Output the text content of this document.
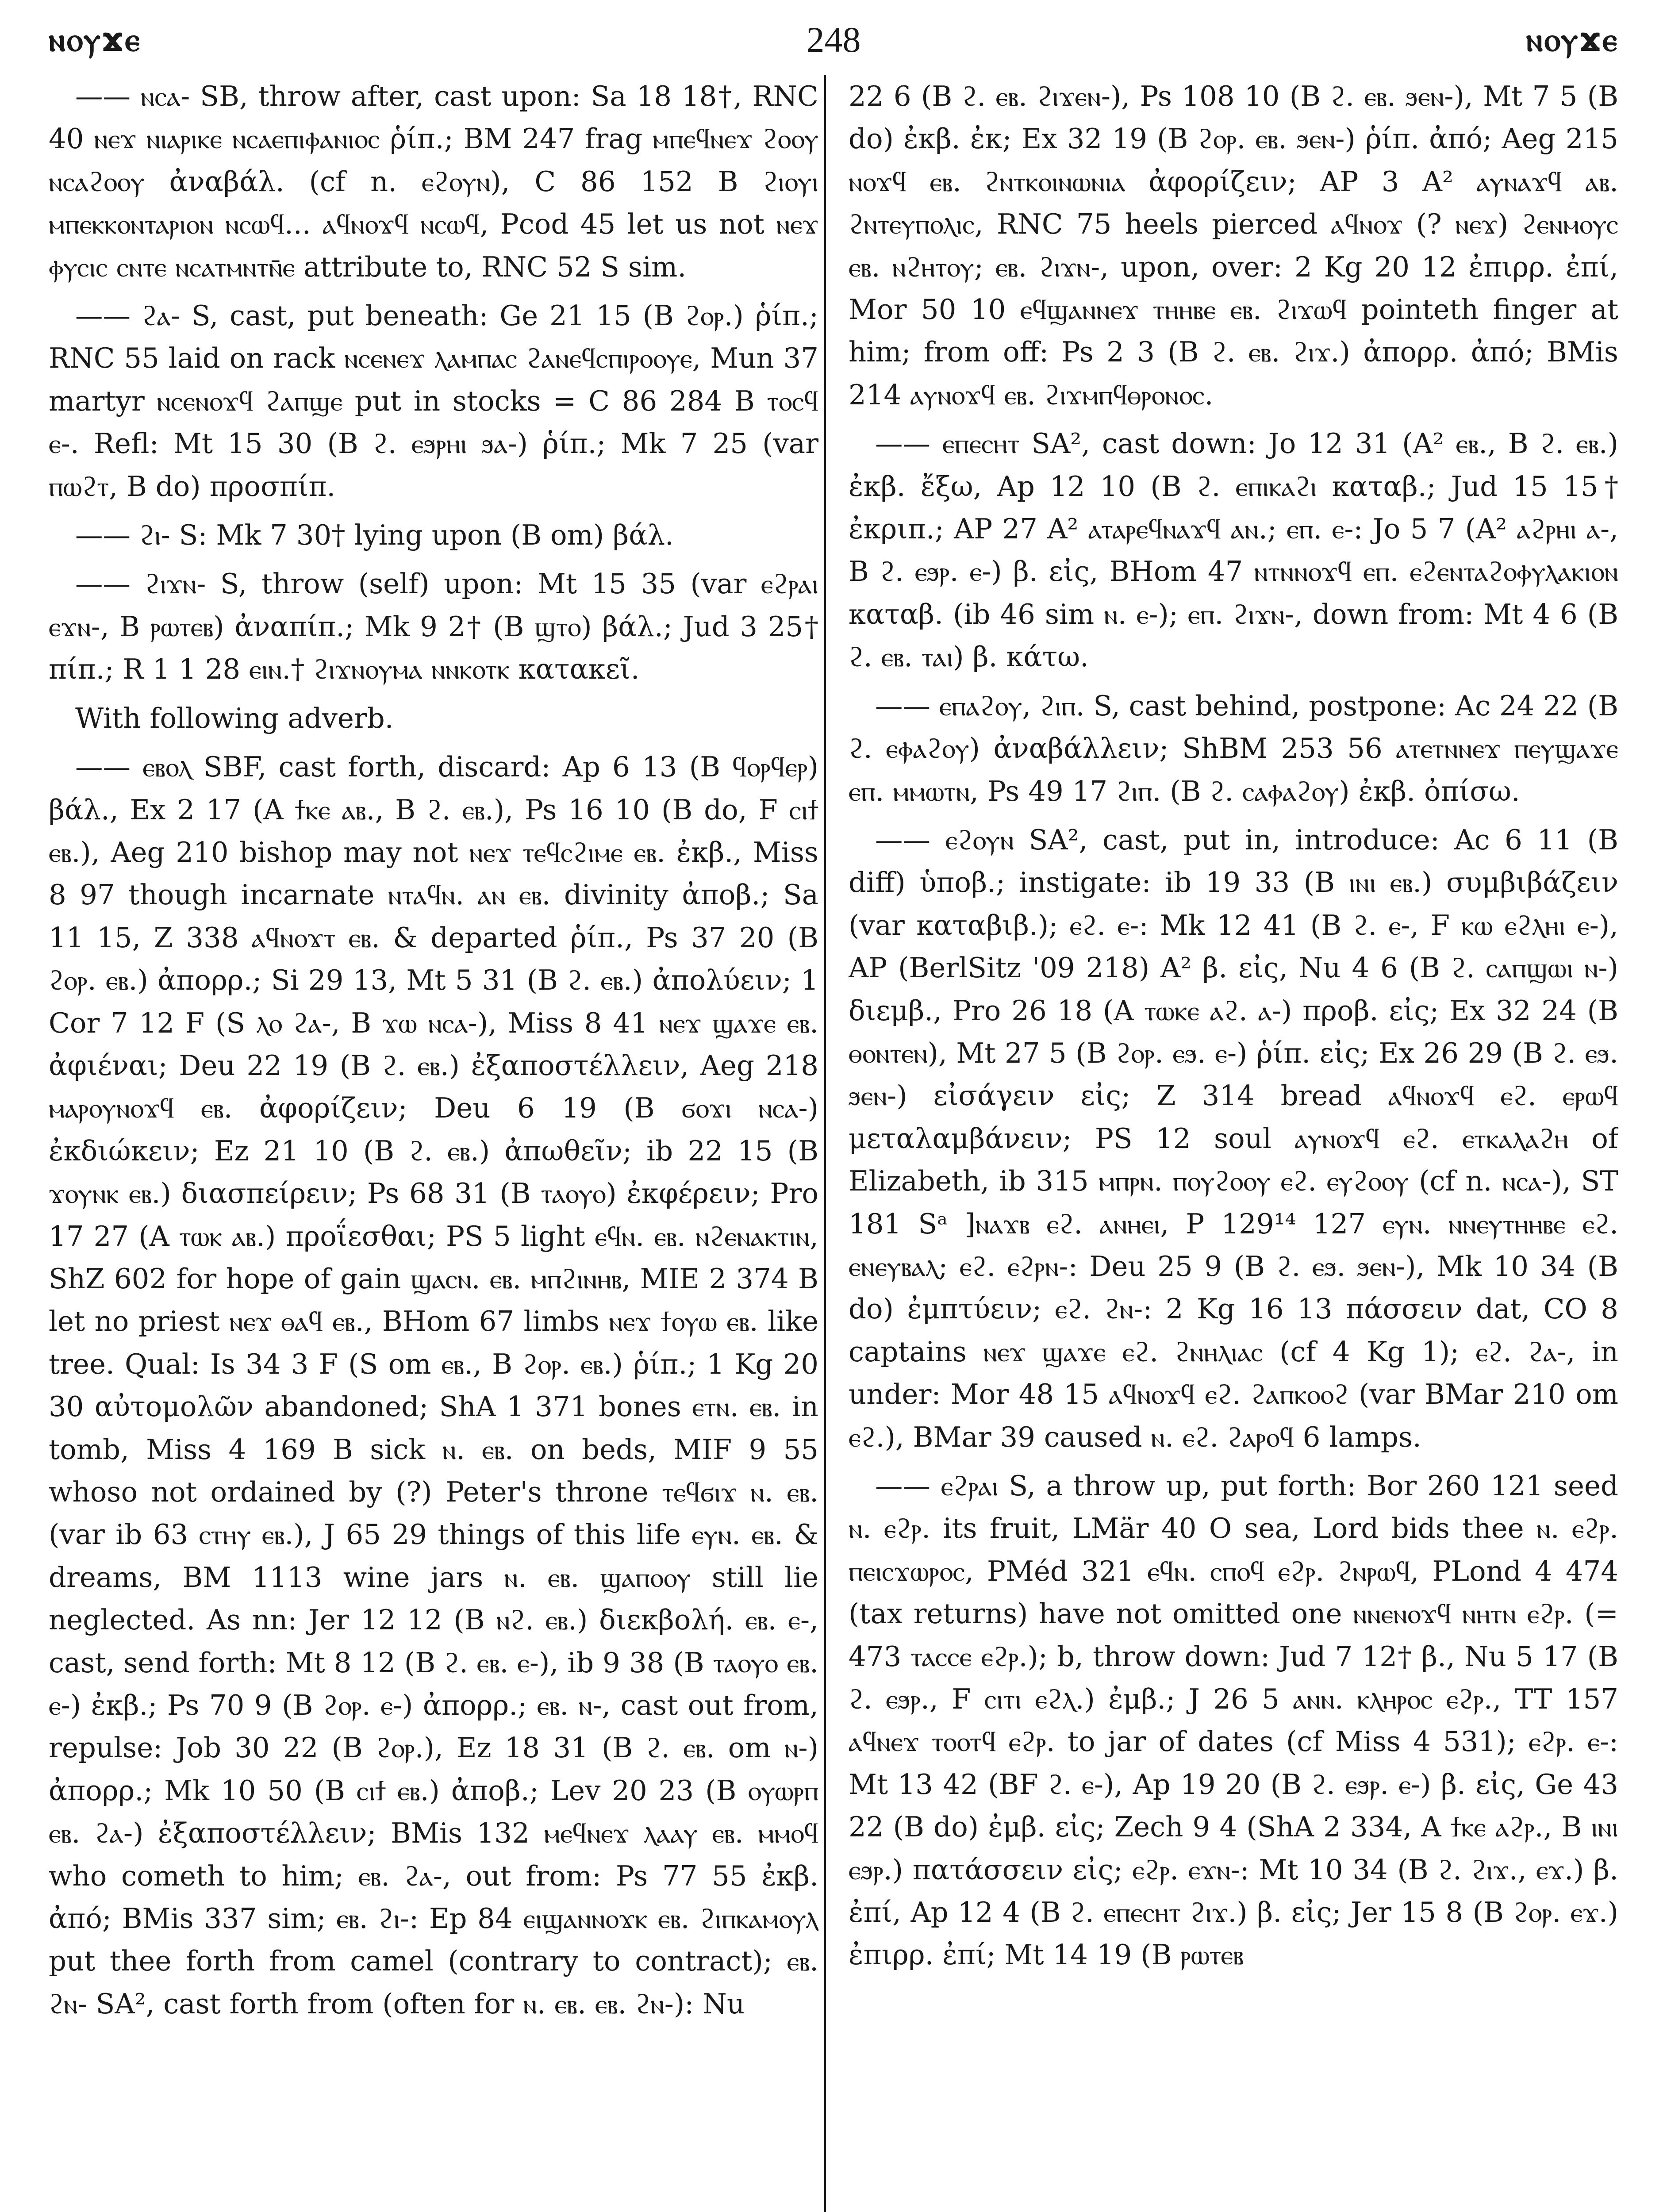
ⲛⲟⲩϫⲉ	248	ⲛⲟⲩϫⲉ

—— ⲛⲥⲁ- SB, throw after, cast upon: Sa 18 18†, RNC 40 ⲛⲉϫ ⲛⲓⲁⲣⲓⲕⲉ ⲛⲥⲁⲉⲡⲓⲫⲁⲛⲓⲟⲥ ῥίπ.; BM 247 frag ⲙⲡⲉϥⲛⲉϫ ϩⲟⲟⲩ ⲛⲥⲁϩⲟⲟⲩ ἀναβάλ. (cf n. ⲉϩⲟⲩⲛ), C 86 152 B ϩⲓⲟⲩⲓ ⲙⲡⲉⲕⲕⲟⲛⲧⲁⲣⲓⲟⲛ ⲛⲥⲱϥ... ⲁϥⲛⲟϫϥ ⲛⲥⲱϥ, Pcod 45 let us not ⲛⲉϫ ⲫⲩⲥⲓⲥ ⲥⲛⲧⲉ ⲛⲥⲁⲧⲙⲛⲧⲛ̄ⲉ attribute to, RNC 52 S sim.

—— ϩⲁ- S, cast, put beneath: Ge 21 15 (B ϩⲟⲣ.) ῥίπ.; RNC 55 laid on rack ⲛⲥⲉⲛⲉϫ ⲗⲁⲙⲡⲁⲥ ϩⲁⲛⲉϥⲥⲡⲓⲣⲟⲟⲩⲉ, Mun 37 martyr ⲛⲥⲉⲛⲟϫϥ ϩⲁⲡϣⲉ put in stocks = C 86 284 B ⲧⲟⲥϥ ⲉ-. Refl: Mt 15 30 (B ϩ. ⲉϧⲣⲏⲓ ϧⲁ-) ῥίπ.; Mk 7 25 (var ⲡⲱϩⲧ, B do) προσπίπ.

—— ϩⲓ- S: Mk 7 30† lying upon (B om) βάλ.

—— ϩⲓϫⲛ- S, throw (self) upon: Mt 15 35 (var ⲉϩⲣⲁⲓ ⲉϫⲛ-, B ⲣⲱⲧⲉⲃ) ἀναπίπ.; Mk 9 2† (B ϣⲧⲟ) βάλ.; Jud 3 25† πίπ.; R 1 1 28 ⲉⲓⲛ.† ϩⲓϫⲛⲟⲩⲙⲁ ⲛⲛⲕⲟⲧⲕ κατακεῖ.

With following adverb.

—— ⲉⲃⲟⲗ SBF, cast forth, discard: Ap 6 13 (B ϥⲟⲣϥⲉⲣ) βάλ., Ex 2 17 (A ϯⲕⲉ ⲁⲃ., B ϩ. ⲉⲃ.), Ps 16 10 (B do, F ⲥⲓϯ ⲉⲃ.), Aeg 210 bishop may not ⲛⲉϫ ⲧⲉϥⲥϩⲓⲙⲉ ⲉⲃ. ἐκβ., Miss 8 97 though incarnate ⲛⲧⲁϥⲛ. ⲁⲛ ⲉⲃ. divinity ἀποβ.; Sa 11 15, Z 338 ⲁϥⲛⲟϫⲧ ⲉⲃ. & departed ῥίπ., Ps 37 20 (B ϩⲟⲣ. ⲉⲃ.) ἀπορρ.; Si 29 13, Mt 5 31 (B ϩ. ⲉⲃ.) ἀπολύειν; 1 Cor 7 12 F (S ⲗⲟ ϩⲁ-, B ϫⲱ ⲛⲥⲁ-), Miss 8 41 ⲛⲉϫ ϣⲁϫⲉ ⲉⲃ. ἀφιέναι; Deu 22 19 (B ϩ. ⲉⲃ.) ἐξαποστέλλειν, Aeg 218 ⲙⲁⲣⲟⲩⲛⲟϫϥ ⲉⲃ. ἀφορίζειν; Deu 6 19 (B ϭⲟϫⲓ ⲛⲥⲁ-) ἐκδιώκειν; Ez 21 10 (B ϩ. ⲉⲃ.) ἀπωθεῖν; ib 22 15 (B ϫⲟⲩⲛⲕ ⲉⲃ.) διασπείρειν; Ps 68 31 (B ⲧⲁⲟⲩⲟ) ἐκφέρειν; Pro 17 27 (A ⲧⲱⲕ ⲁⲃ.) προΐεσθαι; PS 5 light ⲉϥⲛ. ⲉⲃ. ⲛϩⲉⲛⲁⲕⲧⲓⲛ, ShZ 602 for hope of gain ϣⲁⲥⲛ. ⲉⲃ. ⲙⲡϩⲓⲛⲏⲃ, MIE 2 374 B let no priest ⲛⲉϫ ⲑⲁϥ ⲉⲃ., BHom 67 limbs ⲛⲉϫ ϯⲟⲩⲱ ⲉⲃ. like tree. Qual: Is 34 3 F (S om ⲉⲃ., B ϩⲟⲣ. ⲉⲃ.) ῥίπ.; 1 Kg 20 30 αὐτομολῶν abandoned; ShA 1 371 bones ⲉⲧⲛ. ⲉⲃ. in tomb, Miss 4 169 B sick ⲛ. ⲉⲃ. on beds, MIF 9 55 whoso not ordained by (?) Peter's throne ⲧⲉϥϭⲓϫ ⲛ. ⲉⲃ. (var ib 63 ⲥⲧⲏⲩ ⲉⲃ.), J 65 29 things of this life ⲉⲩⲛ. ⲉⲃ. & dreams, BM 1113 wine jars ⲛ. ⲉⲃ. ϣⲁⲡⲟⲟⲩ still lie neglected. As nn: Jer 12 12 (B ⲛϩ. ⲉⲃ.) διεκβολή. ⲉⲃ. ⲉ-, cast, send forth: Mt 8 12 (B ϩ. ⲉⲃ. ⲉ-), ib 9 38 (B ⲧⲁⲟⲩⲟ ⲉⲃ. ⲉ-) ἐκβ.; Ps 70 9 (B ϩⲟⲣ. ⲉ-) ἀπορρ.; ⲉⲃ. ⲛ-, cast out from, repulse: Job 30 22 (B ϩⲟⲣ.), Ez 18 31 (B ϩ. ⲉⲃ. om ⲛ-) ἀπορρ.; Mk 10 50 (B ⲥⲓϯ ⲉⲃ.) ἀποβ.; Lev 20 23 (B ⲟⲩⲱⲣⲡ ⲉⲃ. ϩⲁ-) ἐξαποστέλλειν; BMis 132 ⲙⲉϥⲛⲉϫ ⲗⲁⲁⲩ ⲉⲃ. ⲙⲙⲟϥ who cometh to him; ⲉⲃ. ϩⲁ-, out from: Ps 77 55 ἐκβ. ἀπό; BMis 337 sim; ⲉⲃ. ϩⲓ-: Ep 84 ⲉⲓϣⲁⲛⲛⲟϫⲕ ⲉⲃ. ϩⲓⲡⲕⲁⲙⲟⲩⲗ put thee forth from camel (contrary to contract); ⲉⲃ. ϩⲛ- SA², cast forth from (often for ⲛ. ⲉⲃ. ⲉⲃ. ϩⲛ-): Nu

22 6 (B ϩ. ⲉⲃ. ϩⲓϫⲉⲛ-), Ps 108 10 (B ϩ. ⲉⲃ. ϧⲉⲛ-), Mt 7 5 (B do) ἐκβ. ἐκ; Ex 32 19 (B ϩⲟⲣ. ⲉⲃ. ϧⲉⲛ-) ῥίπ. ἀπό; Aeg 215 ⲛⲟϫϥ ⲉⲃ. ϩⲛⲧⲕⲟⲓⲛⲱⲛⲓⲁ ἀφορίζειν; AP 3 A² ⲁⲩⲛⲁϫϥ ⲁⲃ. ϩⲛⲧⲉⲩⲡⲟⲗⲓⲥ, RNC 75 heels pierced ⲁϥⲛⲟϫ (? ⲛⲉϫ) ϩⲉⲛⲙⲟⲩⲥ ⲉⲃ. ⲛϩⲏⲧⲟⲩ; ⲉⲃ. ϩⲓϫⲛ-, upon, over: 2 Kg 20 12 ἐπιρρ. ἐπί, Mor 50 10 ⲉϥϣⲁⲛⲛⲉϫ ⲧⲏⲏⲃⲉ ⲉⲃ. ϩⲓϫⲱϥ pointeth finger at him; from off: Ps 2 3 (B ϩ. ⲉⲃ. ϩⲓϫ.) ἀπορρ. ἀπό; BMis 214 ⲁⲩⲛⲟϫϥ ⲉⲃ. ϩⲓϫⲙⲡϥⲑⲣⲟⲛⲟⲥ.

—— ⲉⲡⲉⲥⲏⲧ SA², cast down: Jo 12 31 (A² ⲉⲃ., B ϩ. ⲉⲃ.) ἐκβ. ἔξω, Ap 12 10 (B ϩ. ⲉⲡⲓⲕⲁϩⲓ καταβ.; Jud 15 15† ἐκριπ.; AP 27 A² ⲁⲧⲁⲣⲉϥⲛⲁϫϥ ⲁⲛ.; ⲉⲡ. ⲉ-: Jo 5 7 (A² ⲁϩⲣⲏⲓ ⲁ-, B ϩ. ⲉϧⲣ. ⲉ-) β. εἰς, BHom 47 ⲛⲧⲛⲛⲟϫϥ ⲉⲡ. ⲉϩⲉⲛⲧⲁϩⲟⲫⲩⲗⲁⲕⲓⲟⲛ καταβ. (ib 46 sim ⲛ. ⲉ-); ⲉⲡ. ϩⲓϫⲛ-, down from: Mt 4 6 (B ϩ. ⲉⲃ. ⲧⲁⲓ) β. κάτω.

—— ⲉⲡⲁϩⲟⲩ, ϩⲓⲡ. S, cast behind, postpone: Ac 24 22 (B ϩ. ⲉⲫⲁϩⲟⲩ) ἀναβάλλειν; ShBM 253 56 ⲁⲧⲉⲧⲛⲛⲉϫ ⲡⲉⲩϣⲁϫⲉ ⲉⲡ. ⲙⲙⲱⲧⲛ, Ps 49 17 ϩⲓⲡ. (B ϩ. ⲥⲁⲫⲁϩⲟⲩ) ἐκβ. ὀπίσω.

—— ⲉϩⲟⲩⲛ SA², cast, put in, introduce: Ac 6 11 (B diff) ὑποβ.; instigate: ib 19 33 (B ⲓⲛⲓ ⲉⲃ.) συμβιβάζειν (var καταβιβ.); ⲉϩ. ⲉ-: Mk 12 41 (B ϩ. ⲉ-, F ⲕⲱ ⲉϩⲗⲏⲓ ⲉ-), AP (BerlSitz '09 218) A² β. εἰς, Nu 4 6 (B ϩ. ⲥⲁⲡϣⲱⲓ ⲛ-) διεμβ., Pro 26 18 (A ⲧⲱⲕⲉ ⲁϩ. ⲁ-) προβ. εἰς; Ex 32 24 (B ⲑⲟⲛⲧⲉⲛ), Mt 27 5 (B ϩⲟⲣ. ⲉϧ. ⲉ-) ῥίπ. εἰς; Ex 26 29 (B ϩ. ⲉϧ. ϧⲉⲛ-) εἰσάγειν εἰς; Z 314 bread ⲁϥⲛⲟϫϥ ⲉϩ. ⲉⲣⲱϥ μεταλαμβάνειν; PS 12 soul ⲁⲩⲛⲟϫϥ ⲉϩ. ⲉⲧⲕⲁⲗⲁϩⲏ of Elizabeth, ib 315 ⲙⲡⲣⲛ. ⲡⲟⲩϩⲟⲟⲩ ⲉϩ. ⲉⲩϩⲟⲟⲩ (cf n. ⲛⲥⲁ-), ST 181 Sᵃ ]ⲛⲁϫⲃ ⲉϩ. ⲁⲛⲏⲉⲓ, P 129¹⁴ 127 ⲉⲩⲛ. ⲛⲛⲉⲩⲧⲏⲏⲃⲉ ⲉϩ. ⲉⲛⲉⲩⲃⲁⲗ; ⲉϩ. ⲉϩⲣⲛ-: Deu 25 9 (B ϩ. ⲉϧ. ϧⲉⲛ-), Mk 10 34 (B do) ἐμπτύειν; ⲉϩ. ϩⲛ-: 2 Kg 16 13 πάσσειν dat, CO 8 captains ⲛⲉϫ ϣⲁϫⲉ ⲉϩ. ϩⲛⲏⲗⲓⲁⲥ (cf 4 Kg 1); ⲉϩ. ϩⲁ-, in under: Mor 48 15 ⲁϥⲛⲟϫϥ ⲉϩ. ϩⲁⲡⲕⲟⲟϩ (var BMar 210 om ⲉϩ.), BMar 39 caused ⲛ. ⲉϩ. ϩⲁⲣⲟϥ 6 lamps.

—— ⲉϩⲣⲁⲓ S, a throw up, put forth: Bor 260 121 seed ⲛ. ⲉϩⲣ. its fruit, LMär 40 O sea, Lord bids thee ⲛ. ⲉϩⲣ. ⲡⲉⲓⲥϫⲱⲣⲟⲥ, PMéd 321 ⲉϥⲛ. ⲥⲡⲟϥ ⲉϩⲣ. ϩⲛⲣⲱϥ, PLond 4 474 (tax returns) have not omitted one ⲛⲛⲉⲛⲟϫϥ ⲛⲏⲧⲛ ⲉϩⲣ. (= 473 ⲧⲁⲥⲥⲉ ⲉϩⲣ.); b, throw down: Jud 7 12† β., Nu 5 17 (B ϩ. ⲉϧⲣ., F ⲥⲓⲧⲓ ⲉϩⲗ.) ἐμβ.; J 26 5 ⲁⲛⲛ. ⲕⲗⲏⲣⲟⲥ ⲉϩⲣ., TT 157 ⲁϥⲛⲉϫ ⲧⲟⲟⲧϥ ⲉϩⲣ. to jar of dates (cf Miss 4 531); ⲉϩⲣ. ⲉ-: Mt 13 42 (BF ϩ. ⲉ-), Ap 19 20 (B ϩ. ⲉϧⲣ. ⲉ-) β. εἰς, Ge 43 22 (B do) ἐμβ. εἰς; Zech 9 4 (ShA 2 334, A ϯⲕⲉ ⲁϩⲣ., B ⲓⲛⲓ ⲉϧⲣ.) πατάσσειν εἰς; ⲉϩⲣ. ⲉϫⲛ-: Mt 10 34 (B ϩ. ϩⲓϫ., ⲉϫ.) β. ἐπί, Ap 12 4 (B ϩ. ⲉⲡⲉⲥⲏⲧ ϩⲓϫ.) β. εἰς; Jer 15 8 (B ϩⲟⲣ. ⲉϫ.) ἐπιρρ. ἐπί; Mt 14 19 (B ⲣⲱⲧⲉⲃ
